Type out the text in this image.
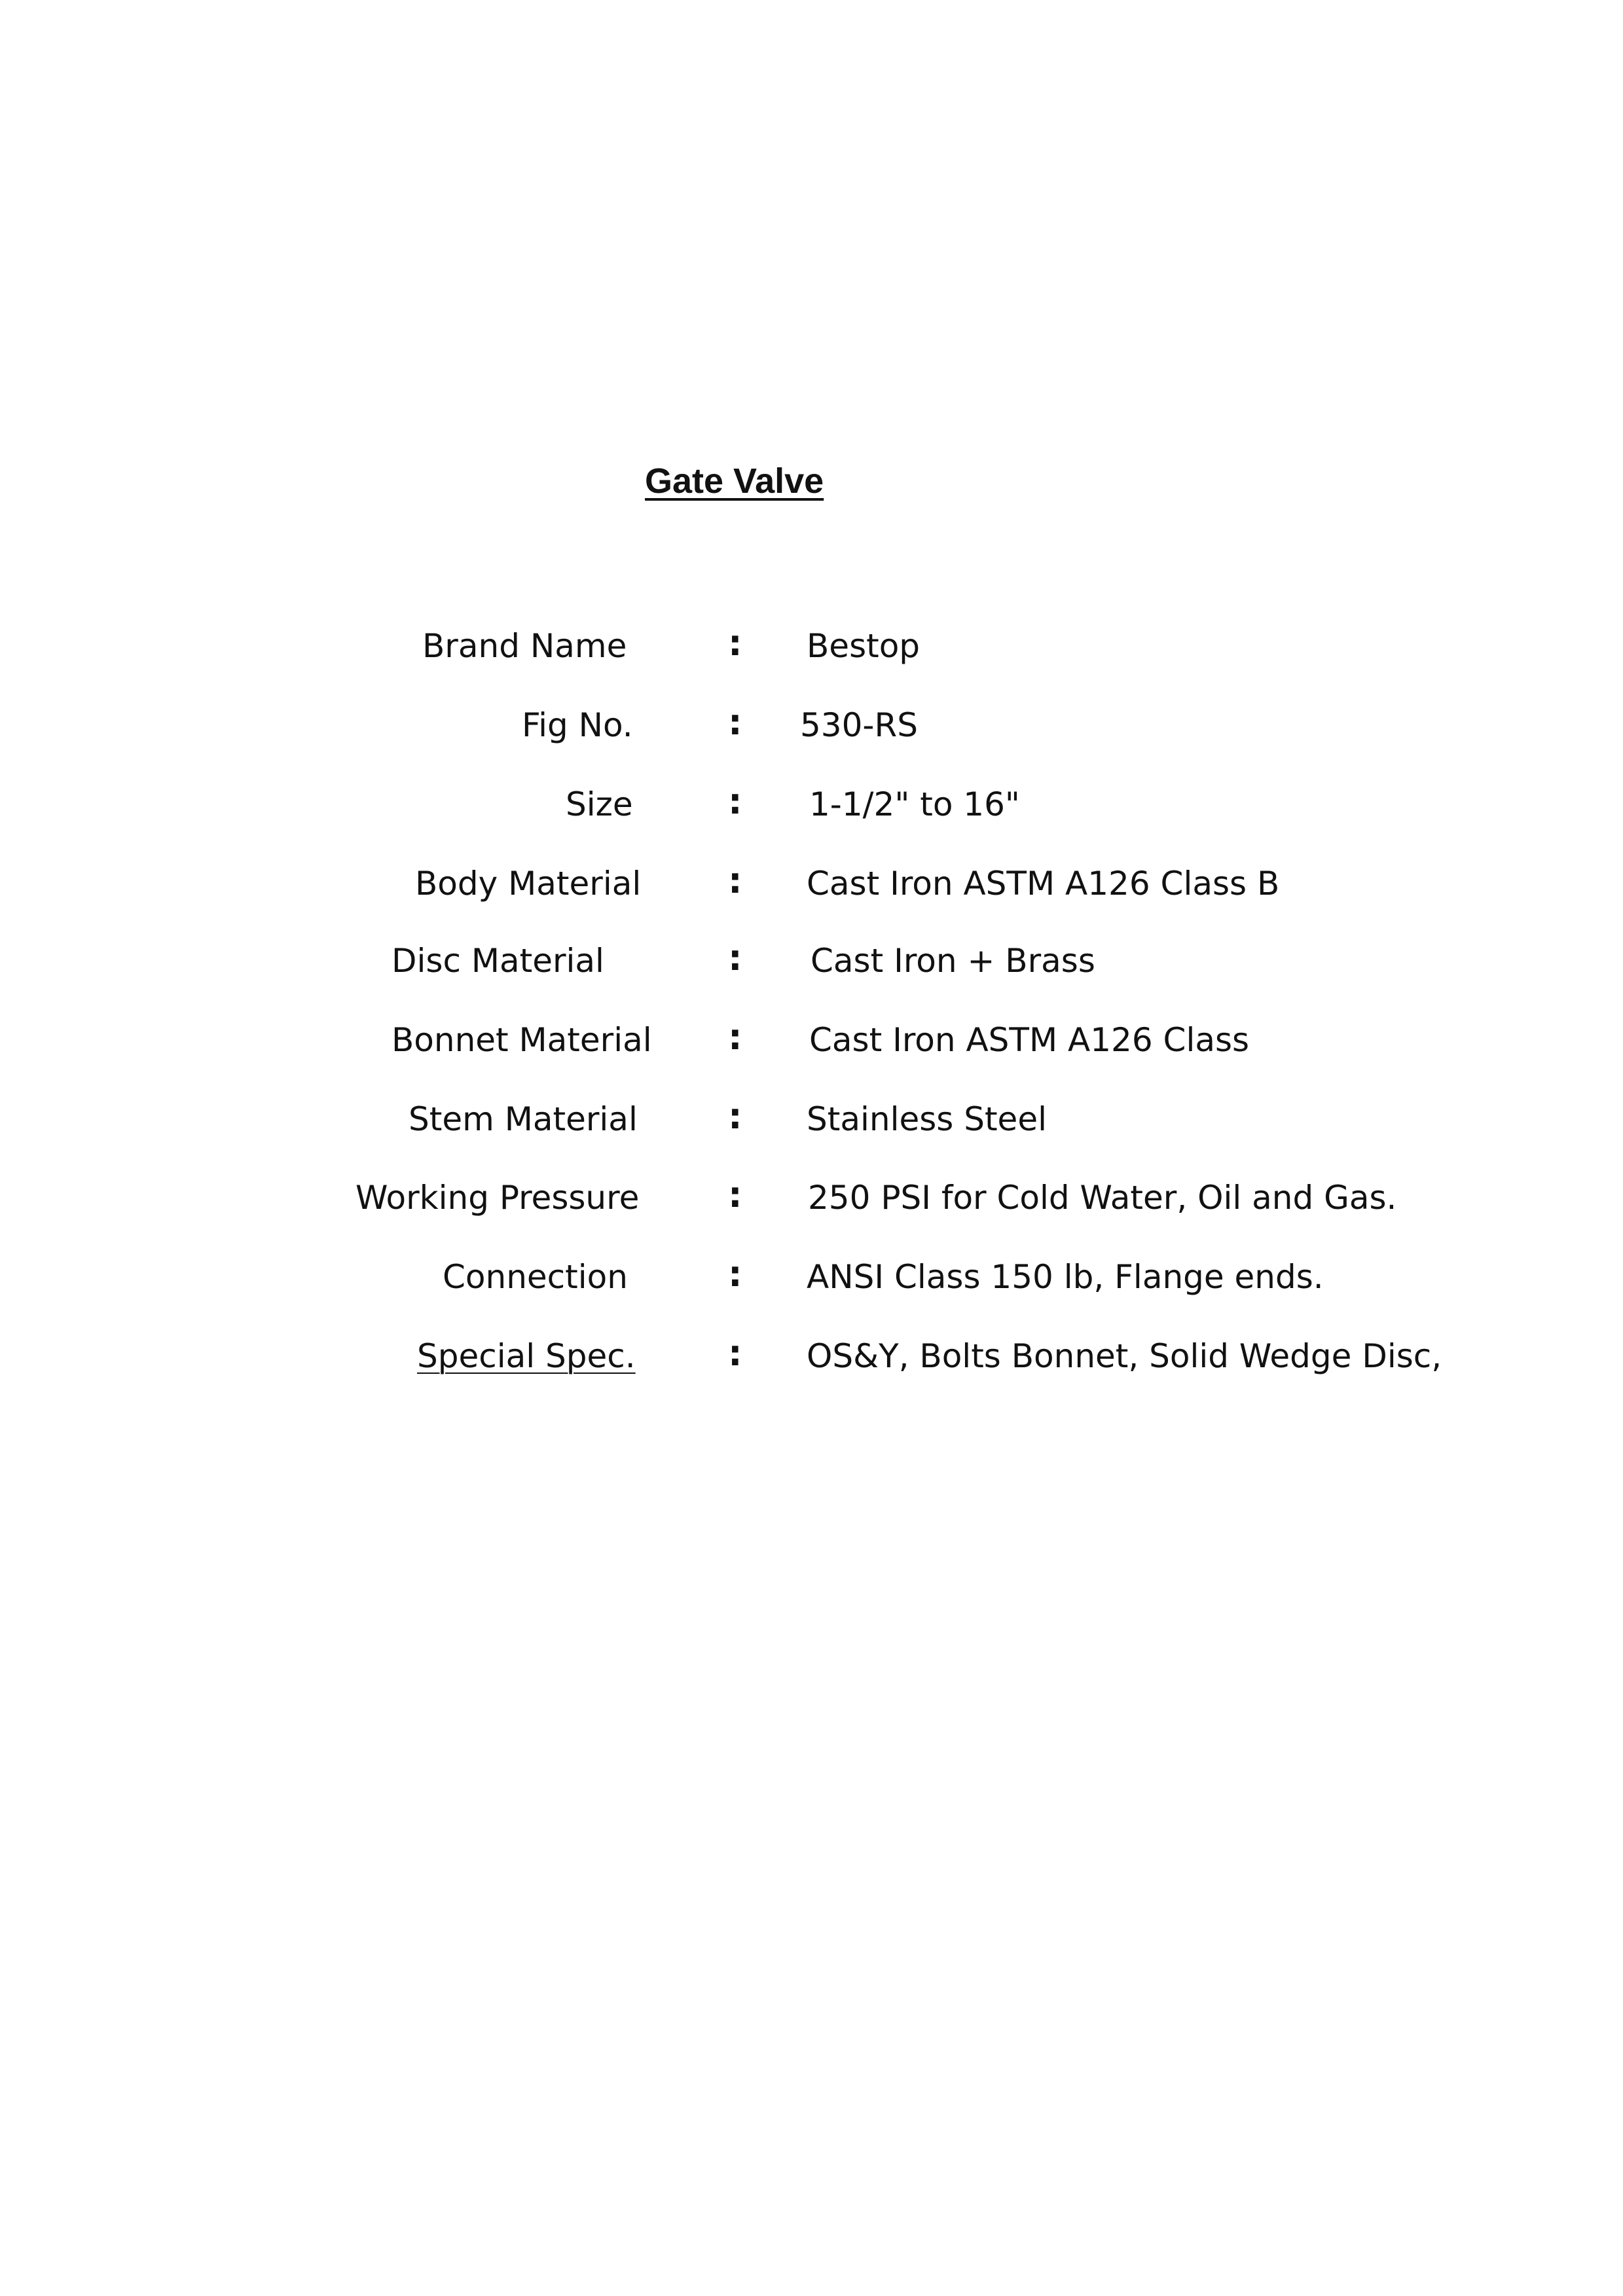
Gate Valve
Brand Name	: Bestop
Fig No.	: 530-RS
Size	: 1-1/2" to 16"
Body Material : Cast Iron ASTM A126 Class B
Disc Material	: Cast Iron + Brass
Bonnet Material : Cast Iron ASTM A126 Class
Stem Material	: Stainless Steel
Working Pressure	: 250 PSI for Cold Water, Oil and Gas.
Connection	: ANSI Class 150 lb, Flange ends.
Special Spec.	: OS&Y, Bolts Bonnet, Solid Wedge Disc,
